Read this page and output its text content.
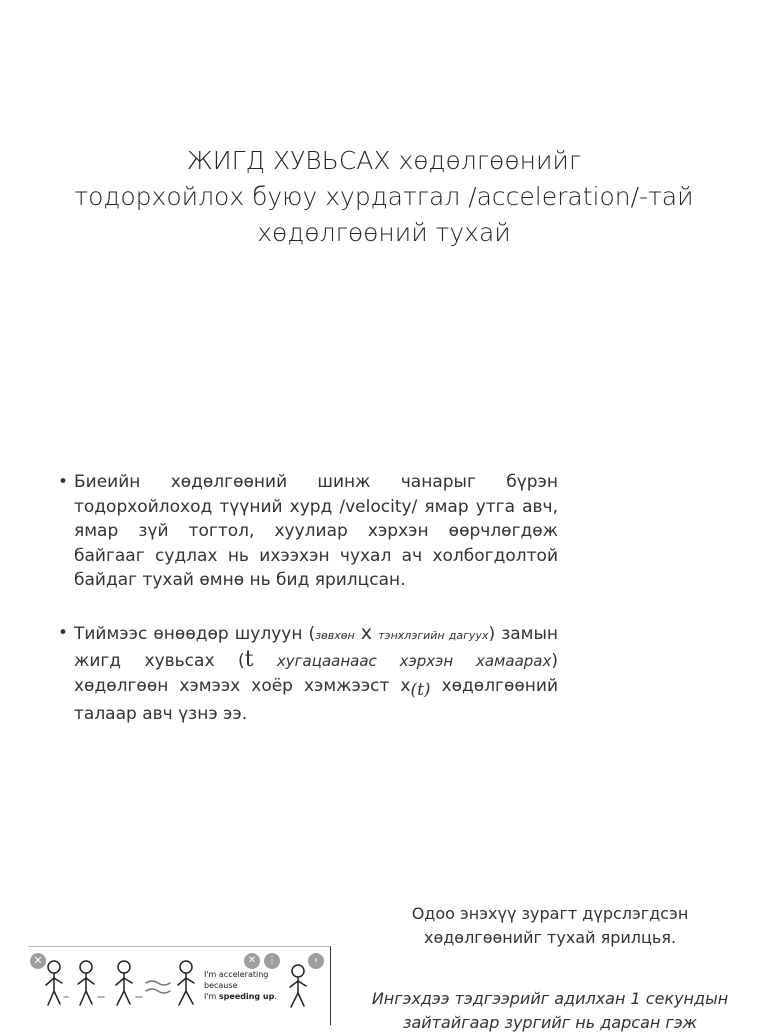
ЖИГД ХУВЬСАХ хөдөлгөөнийг
тодорхойлох буюу хурдатгал /acceleration/-тай
хөдөлгөөний тухай
• Биеийн хөдөлгөөний шинж чанарыг бүрэн тодорхойлоход түүний хурд /velocity/ ямар утга авч, ямар зүй тогтол, хуулиар хэрхэн өөрчлөгдөж байгааг судлах нь ихээхэн чухал ач холбогдолтой байдаг тухай өмнө нь бид ярилцсан.
• Тиймээс өнөөдөр шулуун (зөвхөн x тэнхлэгийн дагуух) замын жигд хувьсах (t хугацаанаас хэрхэн хамаарах) хөдөлгөөн хэмээх хоёр хэмжээст x(t) хөдөлгөөний талаар авч үзнэ ээ.
Одоо энэхүү зурагт дүрслэгдсэн
хөдөлгөөнийг тухай ярилцья.
Ингэхдээ тэдгээрийг адилхан 1 секундын
зайтайгаар зургийг нь дарсан гэж
✕
I'm accelerating because
I'm speeding up.
✕	⋮	›
